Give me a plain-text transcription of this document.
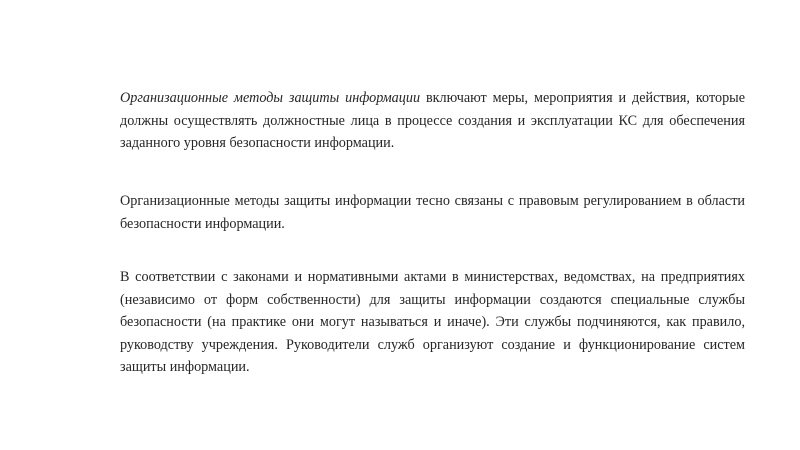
Организационные методы защиты информации включают меры, мероприятия и действия, которые должны осуществлять должностные лица в процессе создания и эксплуатации КС для обеспечения заданного уровня безопасности информации.

Организационные методы защиты информации тесно связаны с правовым регулированием в области безопасности информации.

В соответствии с законами и нормативными актами в министерствах, ведомствах, на предприятиях (независимо от форм собственности) для защиты информации создаются специальные службы безопасности (на практике они могут называться и иначе). Эти службы подчиняются, как правило, руководству учреждения. Руководители служб организуют создание и функционирование систем защиты информации.
